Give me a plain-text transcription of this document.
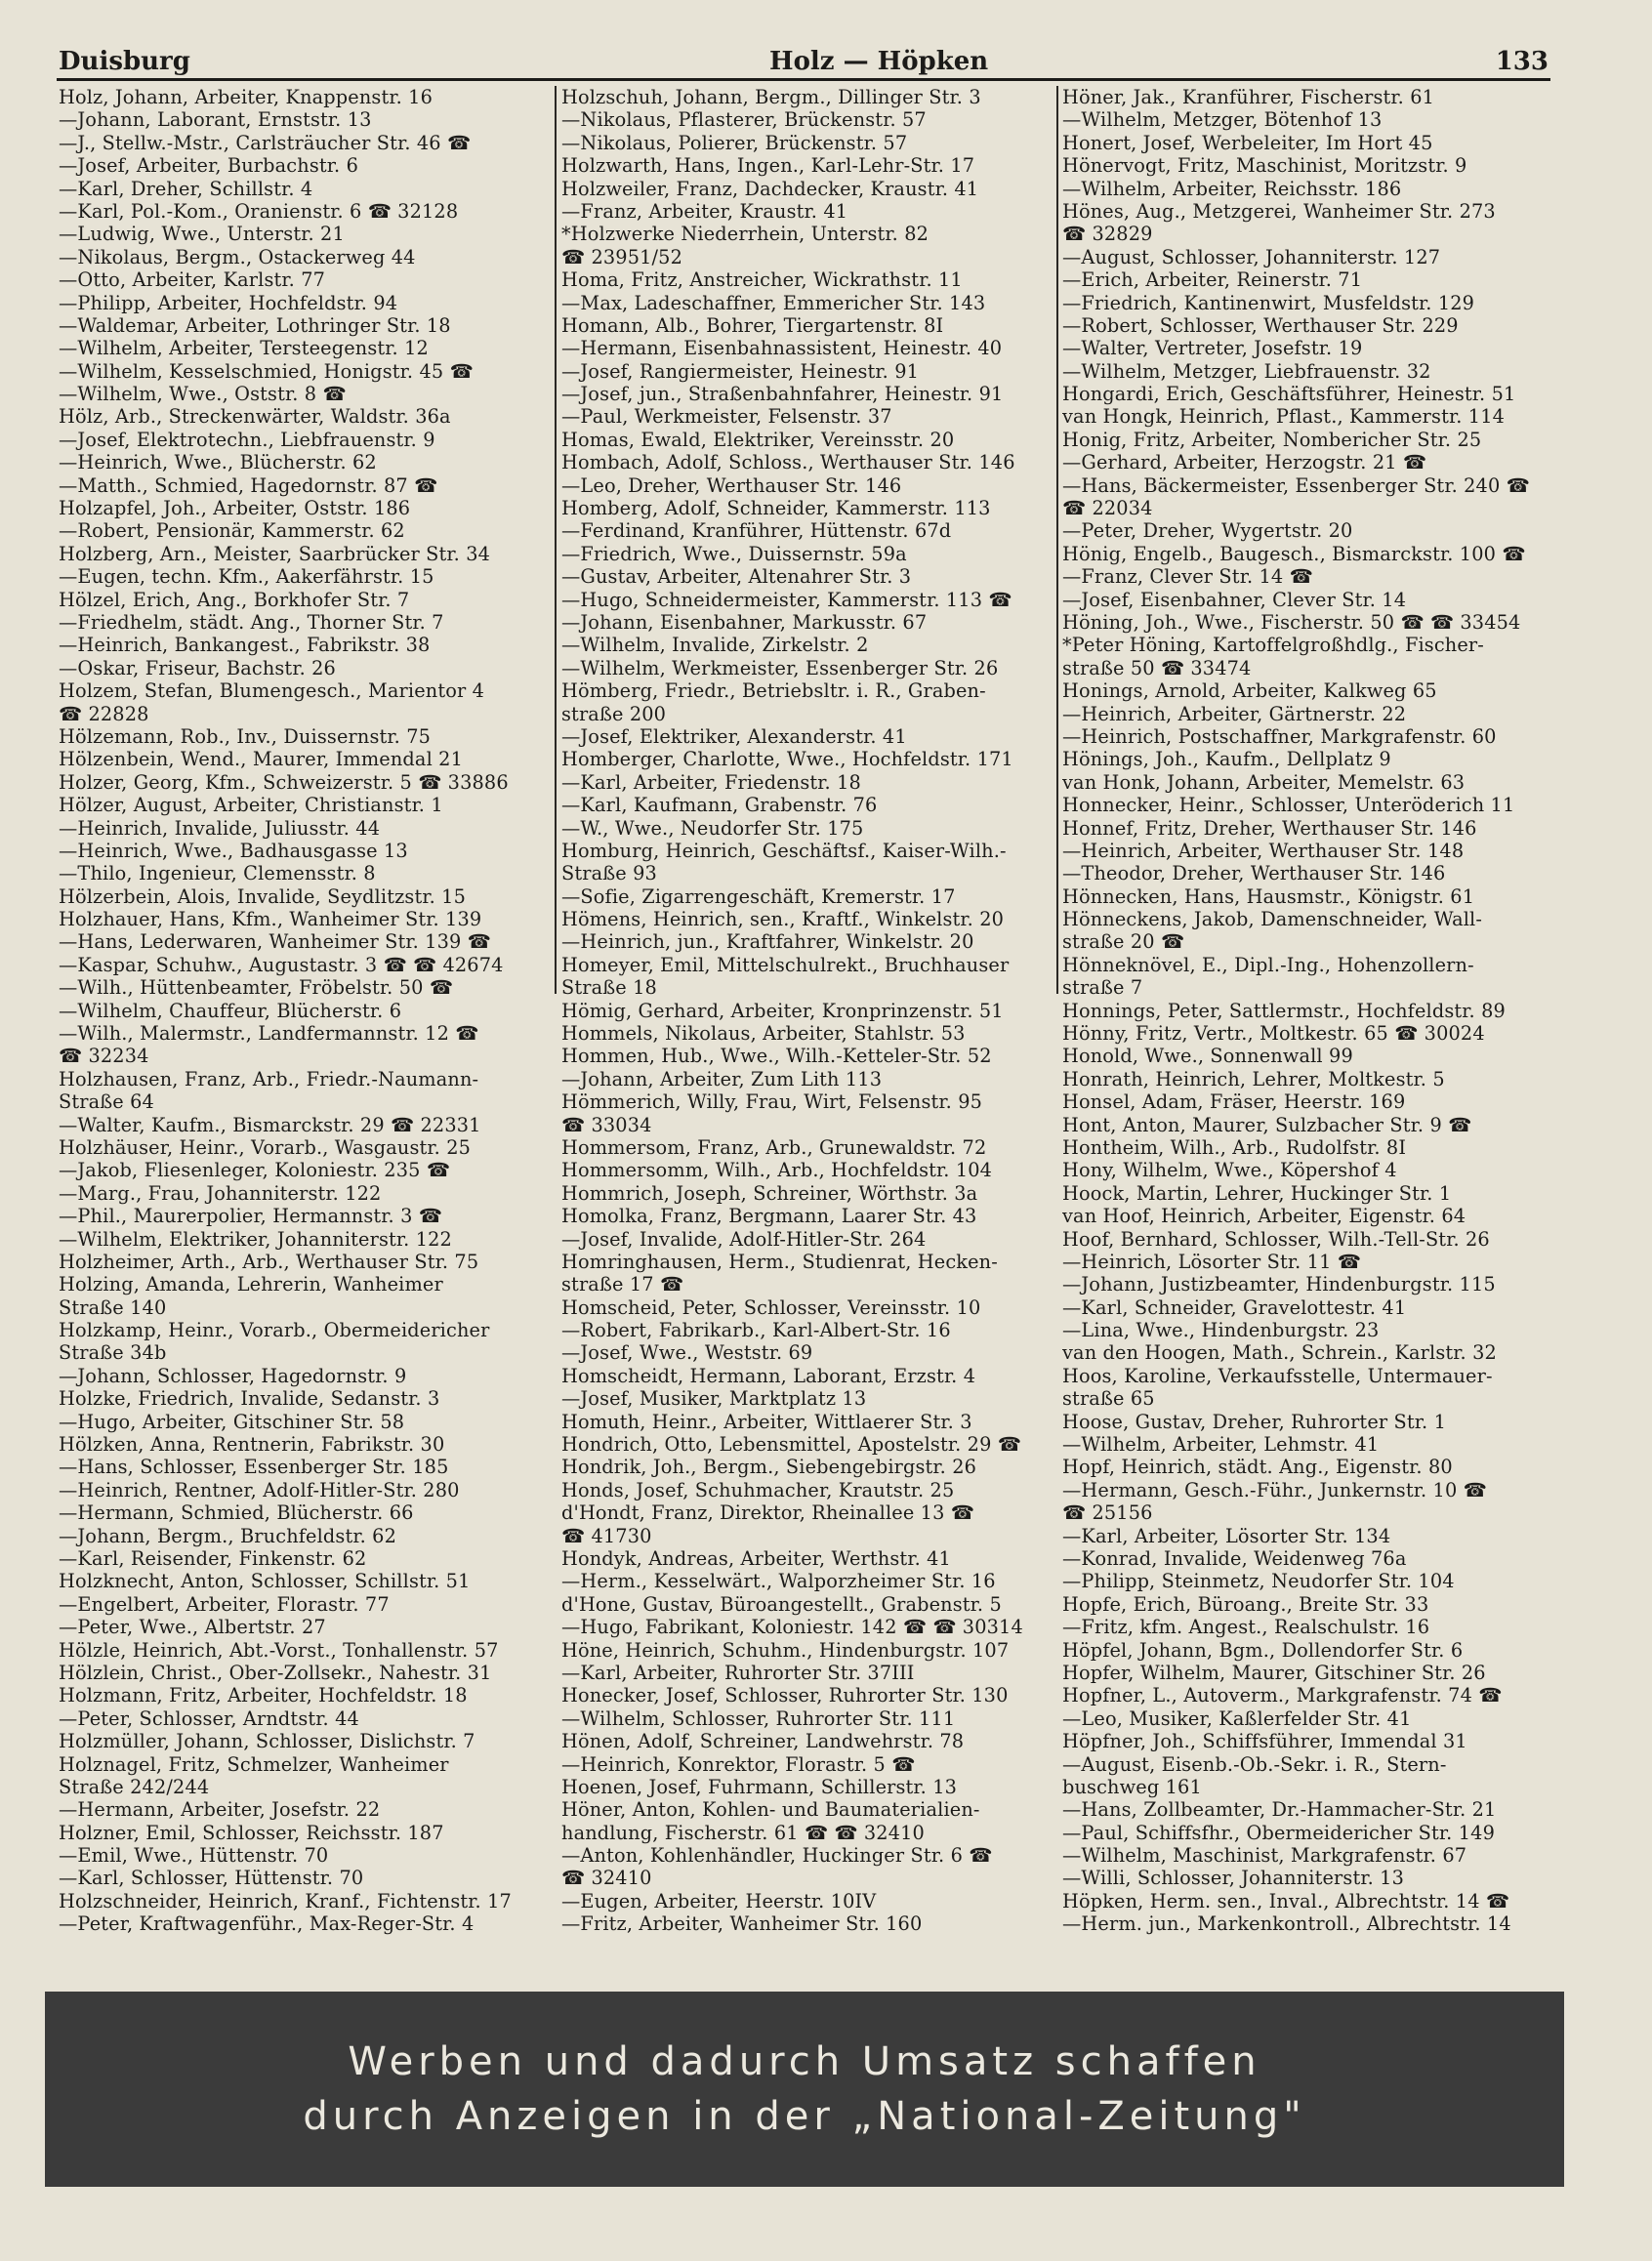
Duisburg	Holz — Höpken	133
Holz, Johann, Arbeiter, Knappenstr. 16
—Johann, Laborant, Ernststr. 13
—J., Stellw.-Mstr., Carlsträucher Str. 46 ☎
—Josef, Arbeiter, Burbachstr. 6
—Karl, Dreher, Schillstr. 4
—Karl, Pol.-Kom., Oranienstr. 6 ☎ 32128
—Ludwig, Wwe., Unterstr. 21
—Nikolaus, Bergm., Ostackerweg 44
—Otto, Arbeiter, Karlstr. 77
—Philipp, Arbeiter, Hochfeldstr. 94
—Waldemar, Arbeiter, Lothringer Str. 18
—Wilhelm, Arbeiter, Tersteegenstr. 12
—Wilhelm, Kesselschmied, Honigstr. 45 ☎
—Wilhelm, Wwe., Oststr. 8 ☎
Hölz, Arb., Streckenwärter, Waldstr. 36a
—Josef, Elektrotechn., Liebfrauenstr. 9
—Heinrich, Wwe., Blücherstr. 62
—Matth., Schmied, Hagedornstr. 87 ☎
Holzapfel, Joh., Arbeiter, Oststr. 186
—Robert, Pensionär, Kammerstr. 62
Holzberg, Arn., Meister, Saarbrücker Str. 34
—Eugen, techn. Kfm., Aakerfährstr. 15
Hölzel, Erich, Ang., Borkhofer Str. 7
—Friedhelm, städt. Ang., Thorner Str. 7
—Heinrich, Bankangest., Fabrikstr. 38
—Oskar, Friseur, Bachstr. 26
Holzem, Stefan, Blumengesch., Marientor 4
☎ 22828
Hölzemann, Rob., Inv., Duissernstr. 75
Hölzenbein, Wend., Maurer, Immendal 21
Holzer, Georg, Kfm., Schweizerstr. 5 ☎ 33886
Hölzer, August, Arbeiter, Christianstr. 1
—Heinrich, Invalide, Juliusstr. 44
—Heinrich, Wwe., Badhausgasse 13
—Thilo, Ingenieur, Clemensstr. 8
Hölzerbein, Alois, Invalide, Seydlitzstr. 15
Holzhauer, Hans, Kfm., Wanheimer Str. 139
—Hans, Lederwaren, Wanheimer Str. 139 ☎
—Kaspar, Schuhw., Augustastr. 3 ☎ ☎ 42674
—Wilh., Hüttenbeamter, Fröbelstr. 50 ☎
—Wilhelm, Chauffeur, Blücherstr. 6
—Wilh., Malermstr., Landfermannstr. 12 ☎
☎ 32234
Holzhausen, Franz, Arb., Friedr.-Naumann-
Straße 64
—Walter, Kaufm., Bismarckstr. 29 ☎ 22331
Holzhäuser, Heinr., Vorarb., Wasgaustr. 25
—Jakob, Fliesenleger, Koloniestr. 235 ☎
—Marg., Frau, Johanniterstr. 122
—Phil., Maurerpolier, Hermannstr. 3 ☎
—Wilhelm, Elektriker, Johanniterstr. 122
Holzheimer, Arth., Arb., Werthauser Str. 75
Holzing, Amanda, Lehrerin, Wanheimer
Straße 140
Holzkamp, Heinr., Vorarb., Obermeidericher
Straße 34b
—Johann, Schlosser, Hagedornstr. 9
Holzke, Friedrich, Invalide, Sedanstr. 3
—Hugo, Arbeiter, Gitschiner Str. 58
Hölzken, Anna, Rentnerin, Fabrikstr. 30
—Hans, Schlosser, Essenberger Str. 185
—Heinrich, Rentner, Adolf-Hitler-Str. 280
—Hermann, Schmied, Blücherstr. 66
—Johann, Bergm., Bruchfeldstr. 62
—Karl, Reisender, Finkenstr. 62
Holzknecht, Anton, Schlosser, Schillstr. 51
—Engelbert, Arbeiter, Florastr. 77
—Peter, Wwe., Albertstr. 27
Hölzle, Heinrich, Abt.-Vorst., Tonhallenstr. 57
Hölzlein, Christ., Ober-Zollsekr., Nahestr. 31
Holzmann, Fritz, Arbeiter, Hochfeldstr. 18
—Peter, Schlosser, Arndtstr. 44
Holzmüller, Johann, Schlosser, Dislichstr. 7
Holznagel, Fritz, Schmelzer, Wanheimer
Straße 242/244
—Hermann, Arbeiter, Josefstr. 22
Holzner, Emil, Schlosser, Reichsstr. 187
—Emil, Wwe., Hüttenstr. 70
—Karl, Schlosser, Hüttenstr. 70
Holzschneider, Heinrich, Kranf., Fichtenstr. 17
—Peter, Kraftwagenführ., Max-Reger-Str. 4
Holzschuh, Johann, Bergm., Dillinger Str. 3
—Nikolaus, Pflasterer, Brückenstr. 57
—Nikolaus, Polierer, Brückenstr. 57
Holzwarth, Hans, Ingen., Karl-Lehr-Str. 17
Holzweiler, Franz, Dachdecker, Kraustr. 41
—Franz, Arbeiter, Kraustr. 41
*Holzwerke Niederrhein, Unterstr. 82
☎ 23951/52
Homa, Fritz, Anstreicher, Wickrathstr. 11
—Max, Ladeschaffner, Emmericher Str. 143
Homann, Alb., Bohrer, Tiergartenstr. 8I
—Hermann, Eisenbahnassistent, Heinestr. 40
—Josef, Rangiermeister, Heinestr. 91
—Josef, jun., Straßenbahnfahrer, Heinestr. 91
—Paul, Werkmeister, Felsenstr. 37
Homas, Ewald, Elektriker, Vereinsstr. 20
Hombach, Adolf, Schloss., Werthauser Str. 146
—Leo, Dreher, Werthauser Str. 146
Homberg, Adolf, Schneider, Kammerstr. 113
—Ferdinand, Kranführer, Hüttenstr. 67d
—Friedrich, Wwe., Duissernstr. 59a
—Gustav, Arbeiter, Altenahrer Str. 3
—Hugo, Schneidermeister, Kammerstr. 113 ☎
—Johann, Eisenbahner, Markusstr. 67
—Wilhelm, Invalide, Zirkelstr. 2
—Wilhelm, Werkmeister, Essenberger Str. 26
Hömberg, Friedr., Betriebsltr. i. R., Graben-
straße 200
—Josef, Elektriker, Alexanderstr. 41
Homberger, Charlotte, Wwe., Hochfeldstr. 171
—Karl, Arbeiter, Friedenstr. 18
—Karl, Kaufmann, Grabenstr. 76
—W., Wwe., Neudorfer Str. 175
Homburg, Heinrich, Geschäftsf., Kaiser-Wilh.-
Straße 93
—Sofie, Zigarrengeschäft, Kremerstr. 17
Hömens, Heinrich, sen., Kraftf., Winkelstr. 20
—Heinrich, jun., Kraftfahrer, Winkelstr. 20
Homeyer, Emil, Mittelschulrekt., Bruchhauser
Straße 18
Hömig, Gerhard, Arbeiter, Kronprinzenstr. 51
Hommels, Nikolaus, Arbeiter, Stahlstr. 53
Hommen, Hub., Wwe., Wilh.-Ketteler-Str. 52
—Johann, Arbeiter, Zum Lith 113
Hömmerich, Willy, Frau, Wirt, Felsenstr. 95
☎ 33034
Hommersom, Franz, Arb., Grunewaldstr. 72
Hommersomm, Wilh., Arb., Hochfeldstr. 104
Hommrich, Joseph, Schreiner, Wörthstr. 3a
Homolka, Franz, Bergmann, Laarer Str. 43
—Josef, Invalide, Adolf-Hitler-Str. 264
Homringhausen, Herm., Studienrat, Hecken-
straße 17 ☎
Homscheid, Peter, Schlosser, Vereinsstr. 10
—Robert, Fabrikarb., Karl-Albert-Str. 16
—Josef, Wwe., Weststr. 69
Homscheidt, Hermann, Laborant, Erzstr. 4
—Josef, Musiker, Marktplatz 13
Homuth, Heinr., Arbeiter, Wittlaerer Str. 3
Hondrich, Otto, Lebensmittel, Apostelstr. 29 ☎
Hondrik, Joh., Bergm., Siebengebirgstr. 26
Honds, Josef, Schuhmacher, Krautstr. 25
d'Hondt, Franz, Direktor, Rheinallee 13 ☎
☎ 41730
Hondyk, Andreas, Arbeiter, Werthstr. 41
—Herm., Kesselwärt., Walporzheimer Str. 16
d'Hone, Gustav, Büroangestellt., Grabenstr. 5
—Hugo, Fabrikant, Koloniestr. 142 ☎ ☎ 30314
Höne, Heinrich, Schuhm., Hindenburgstr. 107
—Karl, Arbeiter, Ruhrorter Str. 37III
Honecker, Josef, Schlosser, Ruhrorter Str. 130
—Wilhelm, Schlosser, Ruhrorter Str. 111
Hönen, Adolf, Schreiner, Landwehrstr. 78
—Heinrich, Konrektor, Florastr. 5 ☎
Hoenen, Josef, Fuhrmann, Schillerstr. 13
Höner, Anton, Kohlen- und Baumaterialien-
handlung, Fischerstr. 61 ☎ ☎ 32410
—Anton, Kohlenhändler, Huckinger Str. 6 ☎
☎ 32410
—Eugen, Arbeiter, Heerstr. 10IV
—Fritz, Arbeiter, Wanheimer Str. 160
Höner, Jak., Kranführer, Fischerstr. 61
—Wilhelm, Metzger, Bötenhof 13
Honert, Josef, Werbeleiter, Im Hort 45
Hönervogt, Fritz, Maschinist, Moritzstr. 9
—Wilhelm, Arbeiter, Reichsstr. 186
Hönes, Aug., Metzgerei, Wanheimer Str. 273
☎ 32829
—August, Schlosser, Johanniterstr. 127
—Erich, Arbeiter, Reinerstr. 71
—Friedrich, Kantinenwirt, Musfeldstr. 129
—Robert, Schlosser, Werthauser Str. 229
—Walter, Vertreter, Josefstr. 19
—Wilhelm, Metzger, Liebfrauenstr. 32
Hongardi, Erich, Geschäftsführer, Heinestr. 51
van Hongk, Heinrich, Pflast., Kammerstr. 114
Honig, Fritz, Arbeiter, Nombericher Str. 25
—Gerhard, Arbeiter, Herzogstr. 21 ☎
—Hans, Bäckermeister, Essenberger Str. 240 ☎
☎ 22034
—Peter, Dreher, Wygertstr. 20
Hönig, Engelb., Baugesch., Bismarckstr. 100 ☎
—Franz, Clever Str. 14 ☎
—Josef, Eisenbahner, Clever Str. 14
Höning, Joh., Wwe., Fischerstr. 50 ☎ ☎ 33454
*Peter Höning, Kartoffelgroßhdlg., Fischer-
straße 50 ☎ 33474
Honings, Arnold, Arbeiter, Kalkweg 65
—Heinrich, Arbeiter, Gärtnerstr. 22
—Heinrich, Postschaffner, Markgrafenstr. 60
Hönings, Joh., Kaufm., Dellplatz 9
van Honk, Johann, Arbeiter, Memelstr. 63
Honnecker, Heinr., Schlosser, Unteröderich 11
Honnef, Fritz, Dreher, Werthauser Str. 146
—Heinrich, Arbeiter, Werthauser Str. 148
—Theodor, Dreher, Werthauser Str. 146
Hönnecken, Hans, Hausmstr., Königstr. 61
Hönneckens, Jakob, Damenschneider, Wall-
straße 20 ☎
Hönneknövel, E., Dipl.-Ing., Hohenzollern-
straße 7
Honnings, Peter, Sattlermstr., Hochfeldstr. 89
Hönny, Fritz, Vertr., Moltkestr. 65 ☎ 30024
Honold, Wwe., Sonnenwall 99
Honrath, Heinrich, Lehrer, Moltkestr. 5
Honsel, Adam, Fräser, Heerstr. 169
Hont, Anton, Maurer, Sulzbacher Str. 9 ☎
Hontheim, Wilh., Arb., Rudolfstr. 8I
Hony, Wilhelm, Wwe., Köpershof 4
Hoock, Martin, Lehrer, Huckinger Str. 1
van Hoof, Heinrich, Arbeiter, Eigenstr. 64
Hoof, Bernhard, Schlosser, Wilh.-Tell-Str. 26
—Heinrich, Lösorter Str. 11 ☎
—Johann, Justizbeamter, Hindenburgstr. 115
—Karl, Schneider, Gravelottestr. 41
—Lina, Wwe., Hindenburgstr. 23
van den Hoogen, Math., Schrein., Karlstr. 32
Hoos, Karoline, Verkaufsstelle, Untermauer-
straße 65
Hoose, Gustav, Dreher, Ruhrorter Str. 1
—Wilhelm, Arbeiter, Lehmstr. 41
Hopf, Heinrich, städt. Ang., Eigenstr. 80
—Hermann, Gesch.-Führ., Junkernstr. 10 ☎
☎ 25156
—Karl, Arbeiter, Lösorter Str. 134
—Konrad, Invalide, Weidenweg 76a
—Philipp, Steinmetz, Neudorfer Str. 104
Hopfe, Erich, Büroang., Breite Str. 33
—Fritz, kfm. Angest., Realschulstr. 16
Höpfel, Johann, Bgm., Dollendorfer Str. 6
Hopfer, Wilhelm, Maurer, Gitschiner Str. 26
Hopfner, L., Autoverm., Markgrafenstr. 74 ☎
—Leo, Musiker, Kaßlerfelder Str. 41
Höpfner, Joh., Schiffsführer, Immendal 31
—August, Eisenb.-Ob.-Sekr. i. R., Stern-
buschweg 161
—Hans, Zollbeamter, Dr.-Hammacher-Str. 21
—Paul, Schiffsfhr., Obermeidericher Str. 149
—Wilhelm, Maschinist, Markgrafenstr. 67
—Willi, Schlosser, Johanniterstr. 13
Höpken, Herm. sen., Inval., Albrechtstr. 14 ☎
—Herm. jun., Markenkontroll., Albrechtstr. 14
Werben und dadurch Umsatz schaffen
durch Anzeigen in der „National-Zeitung"
